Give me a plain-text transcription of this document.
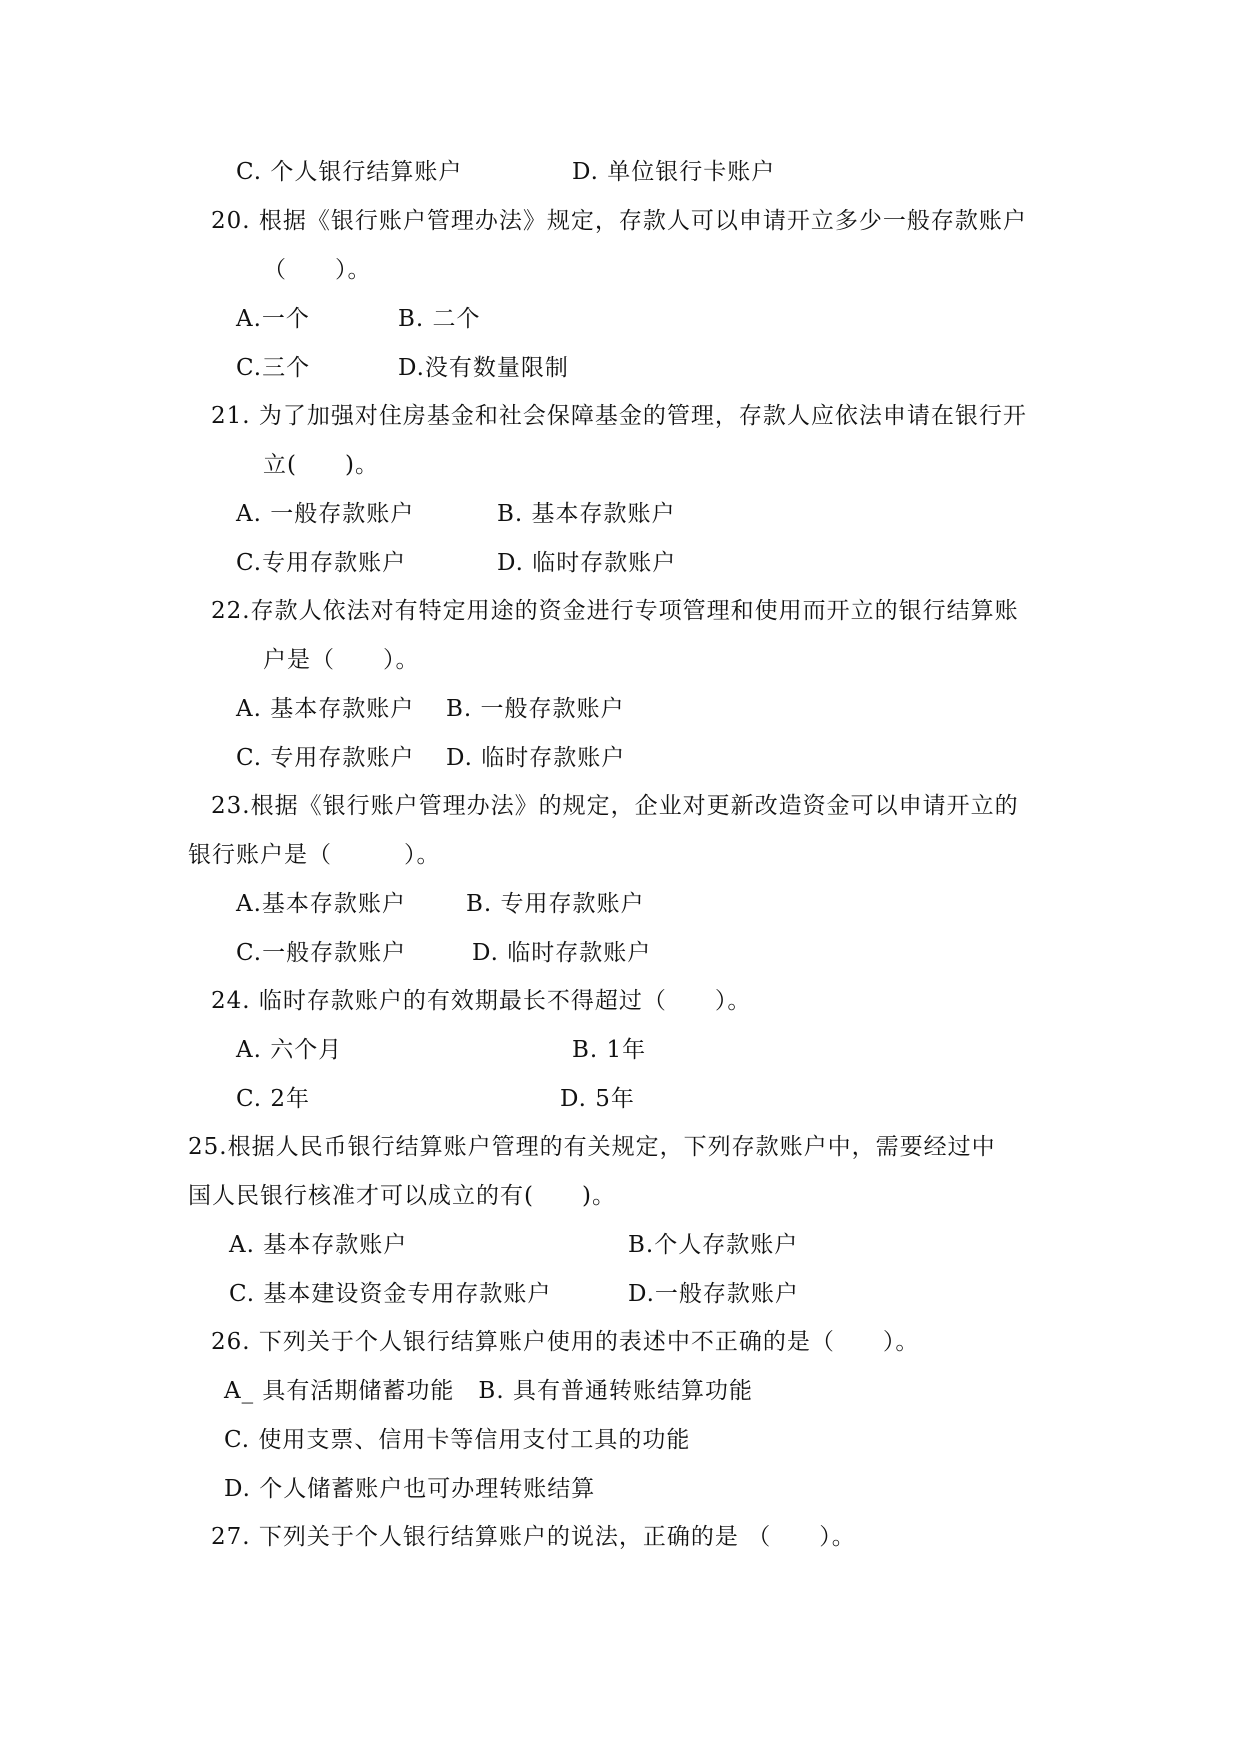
C. 个人银行结算账户	D. 单位银行卡账户
20. 根据《银行账户管理办法》规定，存款人可以申请开立多少一般存款账户
（　　）。
A.一个	B. 二个
C.三个	D.没有数量限制
21. 为了加强对住房基金和社会保障基金的管理，存款人应依法申请在银行开
立(　　)。
A. 一般存款账户	B. 基本存款账户
C.专用存款账户	D. 临时存款账户
22.存款人依法对有特定用途的资金进行专项管理和使用而开立的银行结算账
户是（　　）。
A. 基本存款账户 B. 一般存款账户
C. 专用存款账户 D. 临时存款账户
23.根据《银行账户管理办法》的规定，企业对更新改造资金可以申请开立的
银行账户是（　　　）。
A.基本存款账户	B. 专用存款账户
C.一般存款账户	D. 临时存款账户
24. 临时存款账户的有效期最长不得超过（　　）。
A. 六个月	B. 1年
C. 2年	D. 5年
25.根据人民币银行结算账户管理的有关规定，下列存款账户中，需要经过中
国人民银行核准才可以成立的有(　　)。
A. 基本存款账户	B.个人存款账户
C. 基本建设资金专用存款账户	D.一般存款账户
26. 下列关于个人银行结算账户使用的表述中不正确的是（　　）。
A_ 具有活期储蓄功能　B. 具有普通转账结算功能
C. 使用支票、信用卡等信用支付工具的功能
D. 个人储蓄账户也可办理转账结算
27. 下列关于个人银行结算账户的说法，正确的是 （　　）。
